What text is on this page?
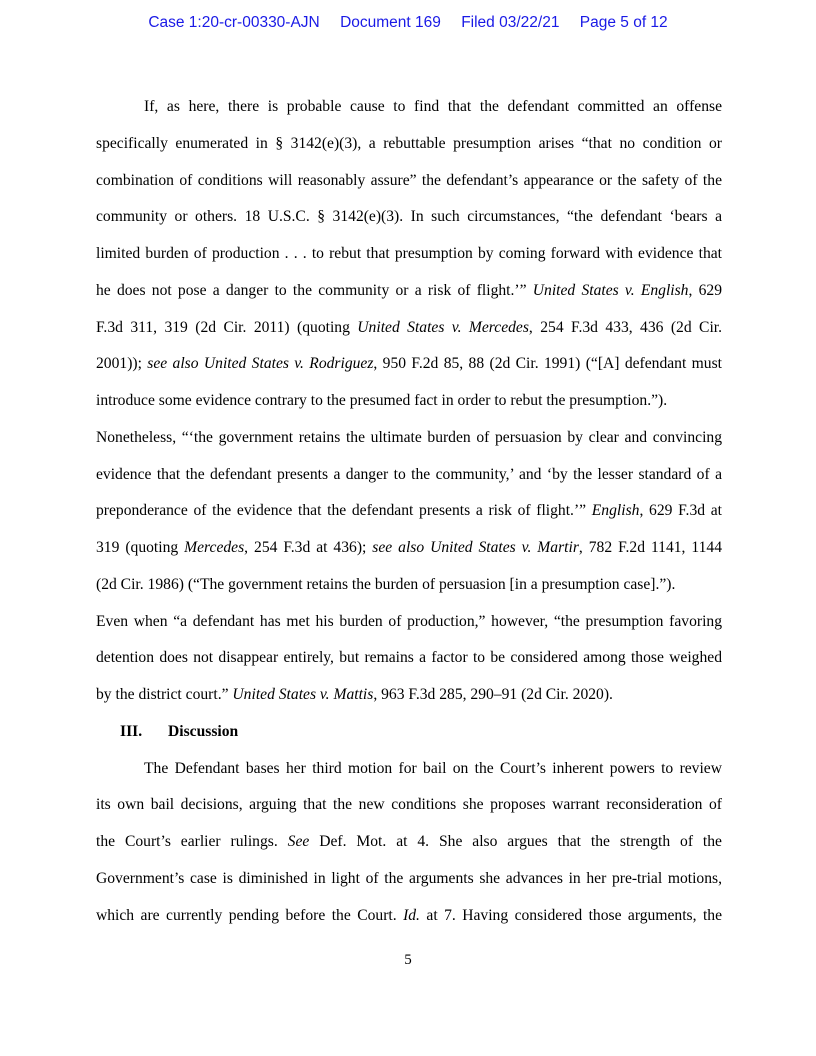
Case 1:20-cr-00330-AJN Document 169 Filed 03/22/21 Page 5 of 12
If, as here, there is probable cause to find that the defendant committed an offense
specifically enumerated in § 3142(e)(3), a rebuttable presumption arises “that no condition or
combination of conditions will reasonably assure” the defendant’s appearance or the safety of the
community or others. 18 U.S.C. § 3142(e)(3). In such circumstances, “the defendant ‘bears a
limited burden of production . . . to rebut that presumption by coming forward with evidence that
he does not pose a danger to the community or a risk of flight.’” United States v. English, 629
F.3d 311, 319 (2d Cir. 2011) (quoting United States v. Mercedes, 254 F.3d 433, 436 (2d Cir.
2001)); see also United States v. Rodriguez, 950 F.2d 85, 88 (2d Cir. 1991) (“[A] defendant must
introduce some evidence contrary to the presumed fact in order to rebut the presumption.”).
Nonetheless, “‘the government retains the ultimate burden of persuasion by clear and convincing
evidence that the defendant presents a danger to the community,’ and ‘by the lesser standard of a
preponderance of the evidence that the defendant presents a risk of flight.’” English, 629 F.3d at
319 (quoting Mercedes, 254 F.3d at 436); see also United States v. Martir, 782 F.2d 1141, 1144
(2d Cir. 1986) (“The government retains the burden of persuasion [in a presumption case].”).
Even when “a defendant has met his burden of production,” however, “the presumption favoring
detention does not disappear entirely, but remains a factor to be considered among those weighed
by the district court.” United States v. Mattis, 963 F.3d 285, 290–91 (2d Cir. 2020).
III. Discussion
The Defendant bases her third motion for bail on the Court’s inherent powers to review
its own bail decisions, arguing that the new conditions she proposes warrant reconsideration of
the Court’s earlier rulings. See Def. Mot. at 4. She also argues that the strength of the
Government’s case is diminished in light of the arguments she advances in her pre-trial motions,
which are currently pending before the Court. Id. at 7. Having considered those arguments, the
5
